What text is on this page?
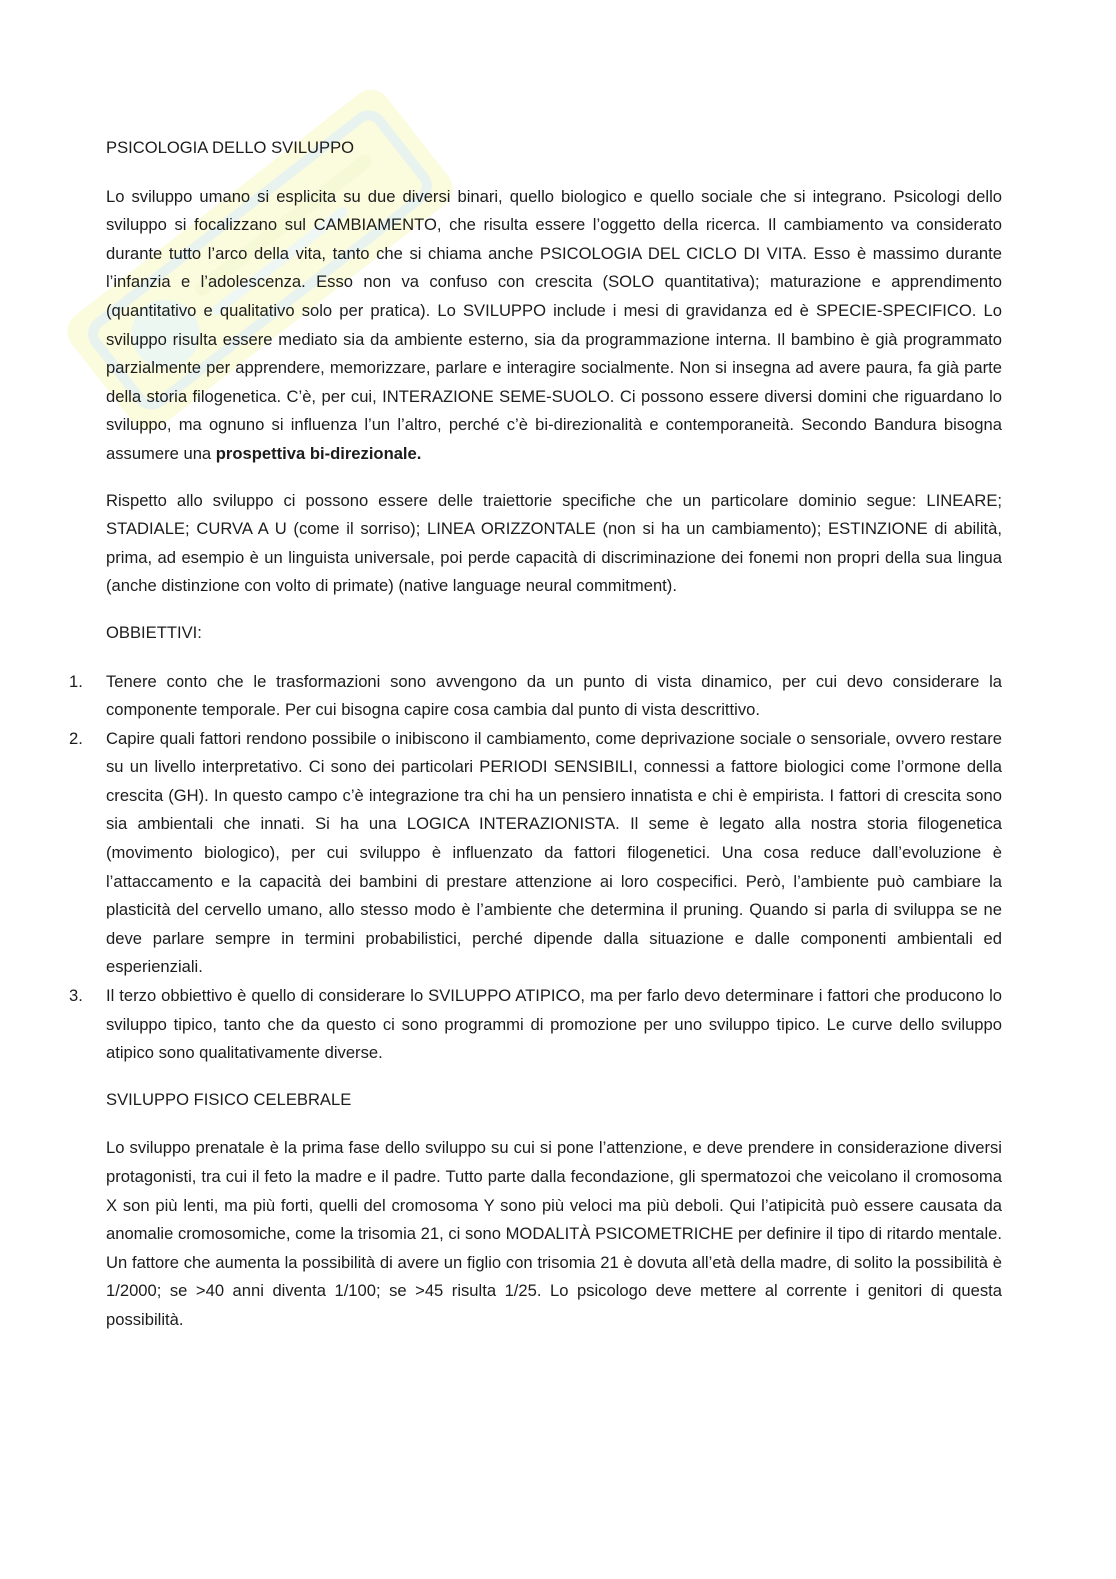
PSICOLOGIA DELLO SVILUPPO

Lo sviluppo umano si esplicita su due diversi binari, quello biologico e quello sociale che si integrano. Psicologi dello sviluppo si focalizzano sul CAMBIAMENTO, che risulta essere l’oggetto della ricerca. Il cambiamento va considerato durante tutto l’arco della vita, tanto che si chiama anche PSICOLOGIA DEL CICLO DI VITA. Esso è massimo durante l’infanzia e l’adolescenza. Esso non va confuso con crescita (SOLO quantitativa); maturazione e apprendimento (quantitativo e qualitativo solo per pratica). Lo SVILUPPO include i mesi di gravidanza ed è SPECIE-SPECIFICO. Lo sviluppo risulta essere mediato sia da ambiente esterno, sia da programmazione interna. Il bambino è già programmato parzialmente per apprendere, memorizzare, parlare e interagire socialmente. Non si insegna ad avere paura, fa già parte della storia filogenetica. C’è, per cui, INTERAZIONE SEME-SUOLO. Ci possono essere diversi domini che riguardano lo sviluppo, ma ognuno si influenza l’un l’altro, perché c’è bi-direzionalità e contemporaneità. Secondo Bandura bisogna assumere una prospettiva bi-direzionale.

Rispetto allo sviluppo ci possono essere delle traiettorie specifiche che un particolare dominio segue: LINEARE; STADIALE; CURVA A U (come il sorriso); LINEA ORIZZONTALE (non si ha un cambiamento); ESTINZIONE di abilità, prima, ad esempio è un linguista universale, poi perde capacità di discriminazione dei fonemi non propri della sua lingua (anche distinzione con volto di primate) (native language neural commitment).

OBBIETTIVI:
1.	Tenere conto che le trasformazioni sono avvengono da un punto di vista dinamico, per cui devo considerare la componente temporale. Per cui bisogna capire cosa cambia dal punto di vista descrittivo.
2.	Capire quali fattori rendono possibile o inibiscono il cambiamento, come deprivazione sociale o sensoriale, ovvero restare su un livello interpretativo. Ci sono dei particolari PERIODI SENSIBILI, connessi a fattore biologici come l’ormone della crescita (GH). In questo campo c’è integrazione tra chi ha un pensiero innatista e chi è empirista. I fattori di crescita sono sia ambientali che innati. Si ha una LOGICA INTERAZIONISTA. Il seme è legato alla nostra storia filogenetica (movimento biologico), per cui sviluppo è influenzato da fattori filogenetici. Una cosa reduce dall’evoluzione è l’attaccamento e la capacità dei bambini di prestare attenzione ai loro cospecifici. Però, l’ambiente può cambiare la plasticità del cervello umano, allo stesso modo è l’ambiente che determina il pruning. Quando si parla di sviluppa se ne deve parlare sempre in termini probabilistici, perché dipende dalla situazione e dalle componenti ambientali ed esperienziali.
3.	Il terzo obbiettivo è quello di considerare lo SVILUPPO ATIPICO, ma per farlo devo determinare i fattori che producono lo sviluppo tipico, tanto che da questo ci sono programmi di promozione per uno sviluppo tipico. Le curve dello sviluppo atipico sono qualitativamente diverse.
SVILUPPO FISICO CELEBRALE

Lo sviluppo prenatale è la prima fase dello sviluppo su cui si pone l’attenzione, e deve prendere in considerazione diversi protagonisti, tra cui il feto la madre e il padre. Tutto parte dalla fecondazione, gli spermatozoi che veicolano il cromosoma X son più lenti, ma più forti, quelli del cromosoma Y sono più veloci ma più deboli. Qui l’atipicità può essere causata da anomalie cromosomiche, come la trisomia 21, ci sono MODALITÀ PSICOMETRICHE per definire il tipo di ritardo mentale. Un fattore che aumenta la possibilità di avere un figlio con trisomia 21 è dovuta all’età della madre, di solito la possibilità è 1/2000; se >40 anni diventa 1/100; se >45 risulta 1/25. Lo psicologo deve mettere al corrente i genitori di questa possibilità.
